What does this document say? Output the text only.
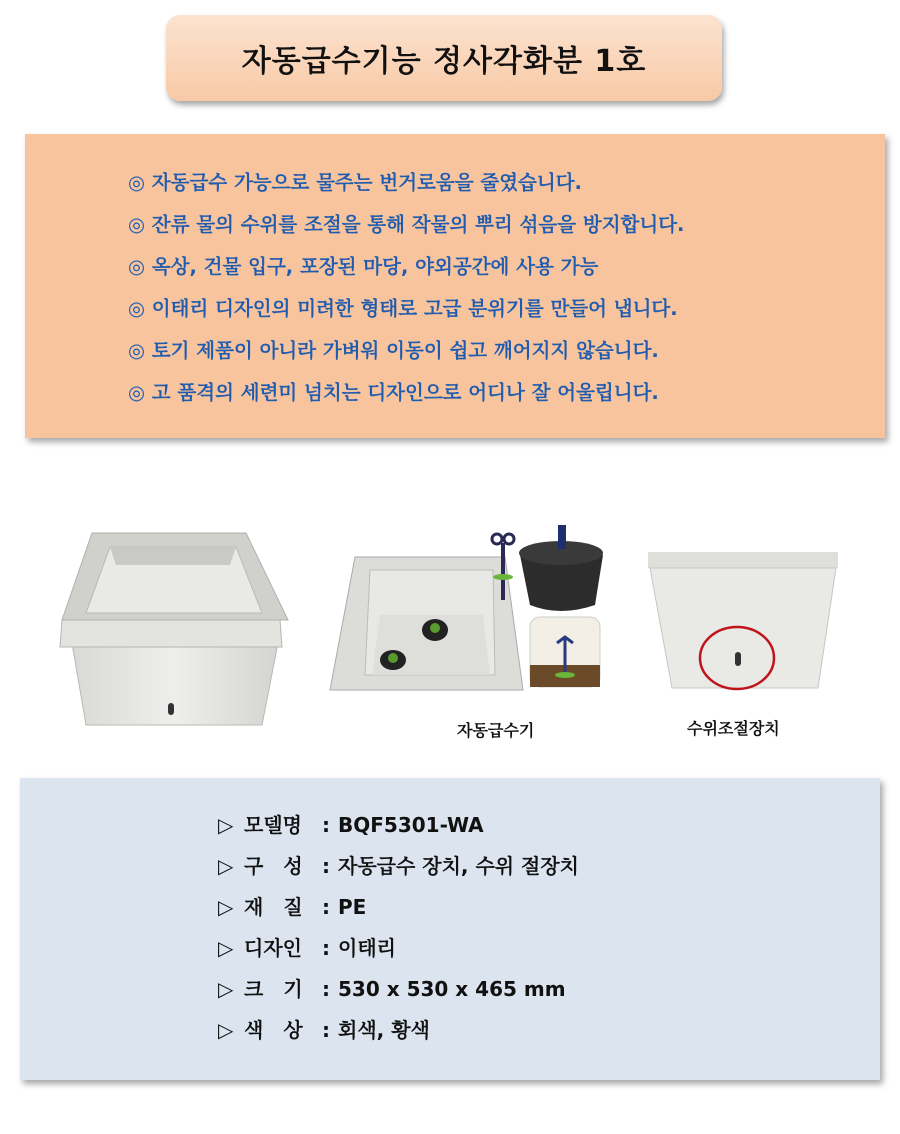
자동급수기능 정사각화분 1호
◎ 자동급수 가능으로 물주는 번거로움을 줄였습니다.
◎ 잔류 물의 수위를 조절을 통해 작물의 뿌리 섞음을 방지합니다.
◎ 옥상, 건물 입구, 포장된 마당, 야외공간에 사용 가능
◎ 이태리 디자인의 미려한 형태로 고급 분위기를 만들어 냅니다.
◎ 토기 제품이 아니라 가벼워 이동이 쉽고 깨어지지 않습니다.
◎ 고 품격의 세련미 넘치는 디자인으로 어디나 잘 어울립니다.
자동급수기	수위조절장치
▷ 모델명	: BQF5301-WA
▷ 구　성 : 자동급수 장치, 수위 절장치
▷ 재　질 : PE
▷ 디자인	: 이태리
▷ 크　기 : 530 x 530 x 465 mm
▷ 색　상 : 회색, 황색
